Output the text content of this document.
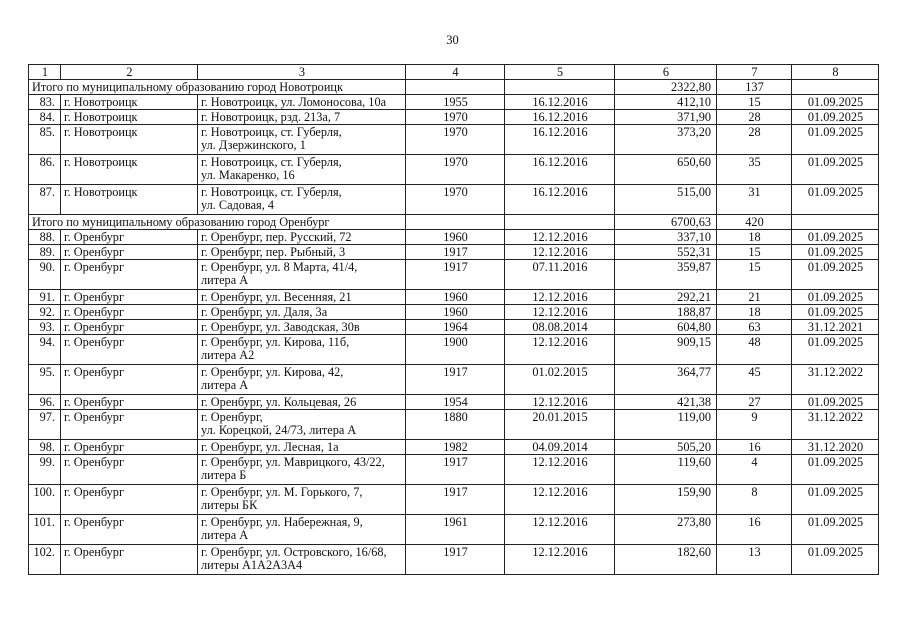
30
1	2	3	4	5	6	7	8
Итого по муниципальному образованию город Новотроицк					2322,80	137	
83.	г. Новотроицк	г. Новотроицк, ул. Ломоносова, 10а	1955	16.12.2016	412,10	15	01.09.2025
84.	г. Новотроицк	г. Новотроицк, рзд. 213а, 7	1970	16.12.2016	371,90	28	01.09.2025
85.	г. Новотроицк	г. Новотроицк, ст. Губерля,
ул. Дзержинского, 1	1970	16.12.2016	373,20	28	01.09.2025
86.	г. Новотроицк	г. Новотроицк, ст. Губерля,
ул. Макаренко, 16	1970	16.12.2016	650,60	35	01.09.2025
87.	г. Новотроицк	г. Новотроицк, ст. Губерля,
ул. Садовая, 4	1970	16.12.2016	515,00	31	01.09.2025
Итого по муниципальному образованию город Оренбург					6700,63	420	
88.	г. Оренбург	г. Оренбург, пер. Русский, 72	1960	12.12.2016	337,10	18	01.09.2025
89.	г. Оренбург	г. Оренбург, пер. Рыбный, 3	1917	12.12.2016	552,31	15	01.09.2025
90.	г. Оренбург	г. Оренбург, ул. 8 Марта, 41/4,
литера А	1917	07.11.2016	359,87	15	01.09.2025
91.	г. Оренбург	г. Оренбург, ул. Весенняя, 21	1960	12.12.2016	292,21	21	01.09.2025
92.	г. Оренбург	г. Оренбург, ул. Даля, 3а	1960	12.12.2016	188,87	18	01.09.2025
93.	г. Оренбург	г. Оренбург, ул. Заводская, 30в	1964	08.08.2014	604,80	63	31.12.2021
94.	г. Оренбург	г. Оренбург, ул. Кирова, 11б,
литера А2	1900	12.12.2016	909,15	48	01.09.2025
95.	г. Оренбург	г. Оренбург, ул. Кирова, 42,
литера А	1917	01.02.2015	364,77	45	31.12.2022
96.	г. Оренбург	г. Оренбург, ул. Кольцевая, 26	1954	12.12.2016	421,38	27	01.09.2025
97.	г. Оренбург	г. Оренбург,
ул. Корецкой, 24/73, литера А	1880	20.01.2015	119,00	9	31.12.2022
98.	г. Оренбург	г. Оренбург, ул. Лесная, 1а	1982	04.09.2014	505,20	16	31.12.2020
99.	г. Оренбург	г. Оренбург, ул. Маврицкого, 43/22,
литера Б	1917	12.12.2016	119,60	4	01.09.2025
100.	г. Оренбург	г. Оренбург, ул. М. Горького, 7,
литеры БК	1917	12.12.2016	159,90	8	01.09.2025
101.	г. Оренбург	г. Оренбург, ул. Набережная, 9,
литера А	1961	12.12.2016	273,80	16	01.09.2025
102.	г. Оренбург	г. Оренбург, ул. Островского, 16/68,
литеры А1А2А3А4	1917	12.12.2016	182,60	13	01.09.2025
